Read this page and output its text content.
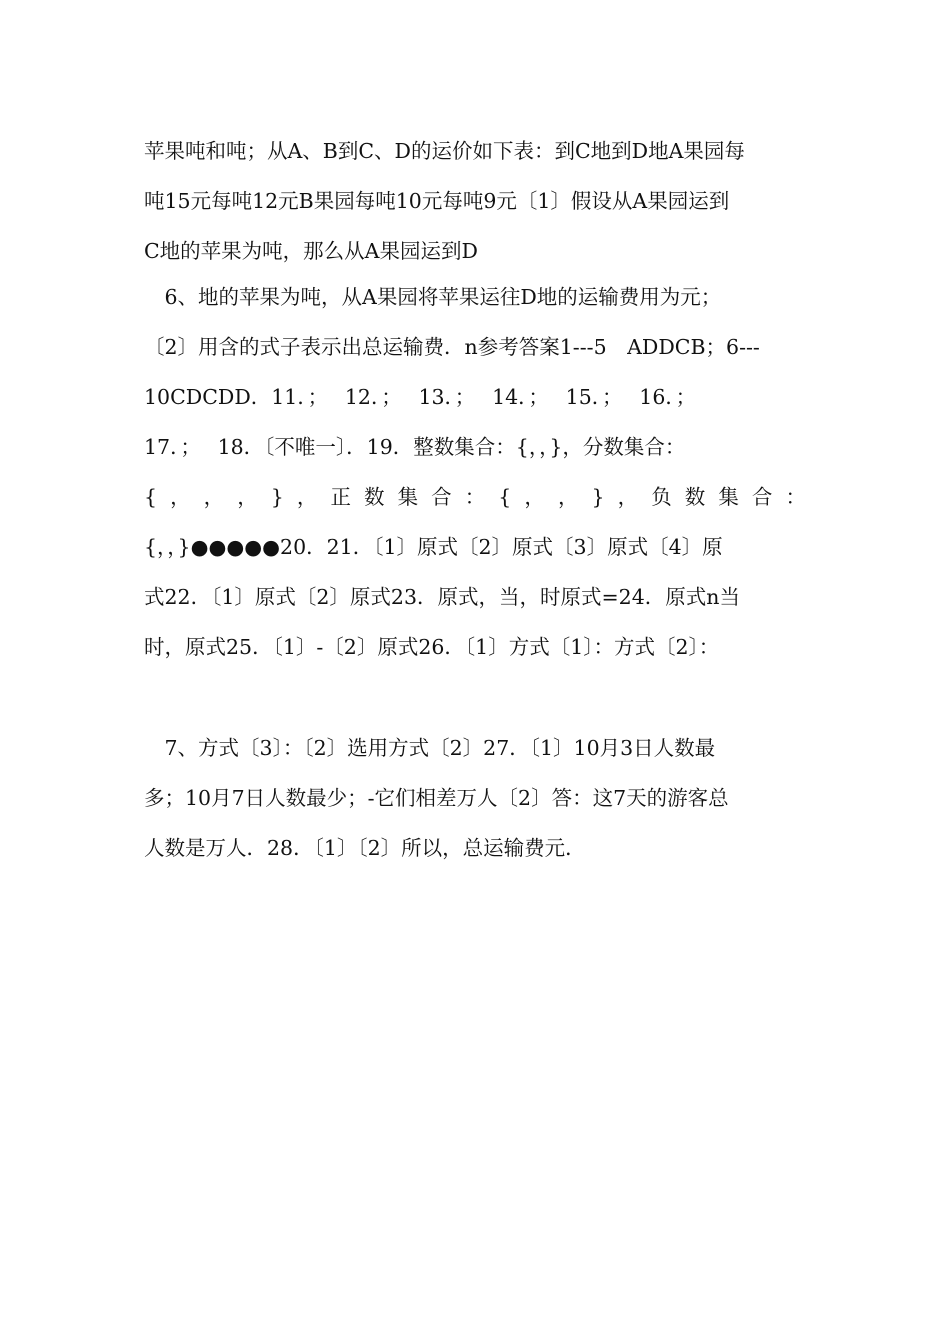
苹果吨和吨；从A、B到C、D的运价如下表：到C地到D地A果园每
吨15元每吨12元B果园每吨10元每吨9元〔1〕假设从A果园运到
C地的苹果为吨，那么从A果园运到D
　6、地的苹果为吨，从A果园将苹果运往D地的运输费用为元；
〔2〕用含的式子表示出总运输费．n参考答案1---5　ADDCB；6---
10CDCDD．11．；　 12．；　 13．；　 14．；　 15．；　 16．；
17．；　 18．〔不唯一〕．19．整数集合：{，，}，分数集合：
{ ， ， ， } ， 正 数 集 合 ： { ， ， } ， 负 数 集 合 ：
{，，}●●●●●20．21．〔1〕原式〔2〕原式〔3〕原式〔4〕原
式22．〔1〕原式〔2〕原式23．原式，当，时原式=24．原式n当
时，原式25．〔1〕-〔2〕原式26．〔1〕方式〔1〕：方式〔2〕：
　7、方式〔3〕：〔2〕选用方式〔2〕27．〔1〕10月3日人数最
多；10月7日人数最少；-它们相差万人〔2〕答：这7天的游客总
人数是万人．28．〔1〕〔2〕所以，总运输费元．
